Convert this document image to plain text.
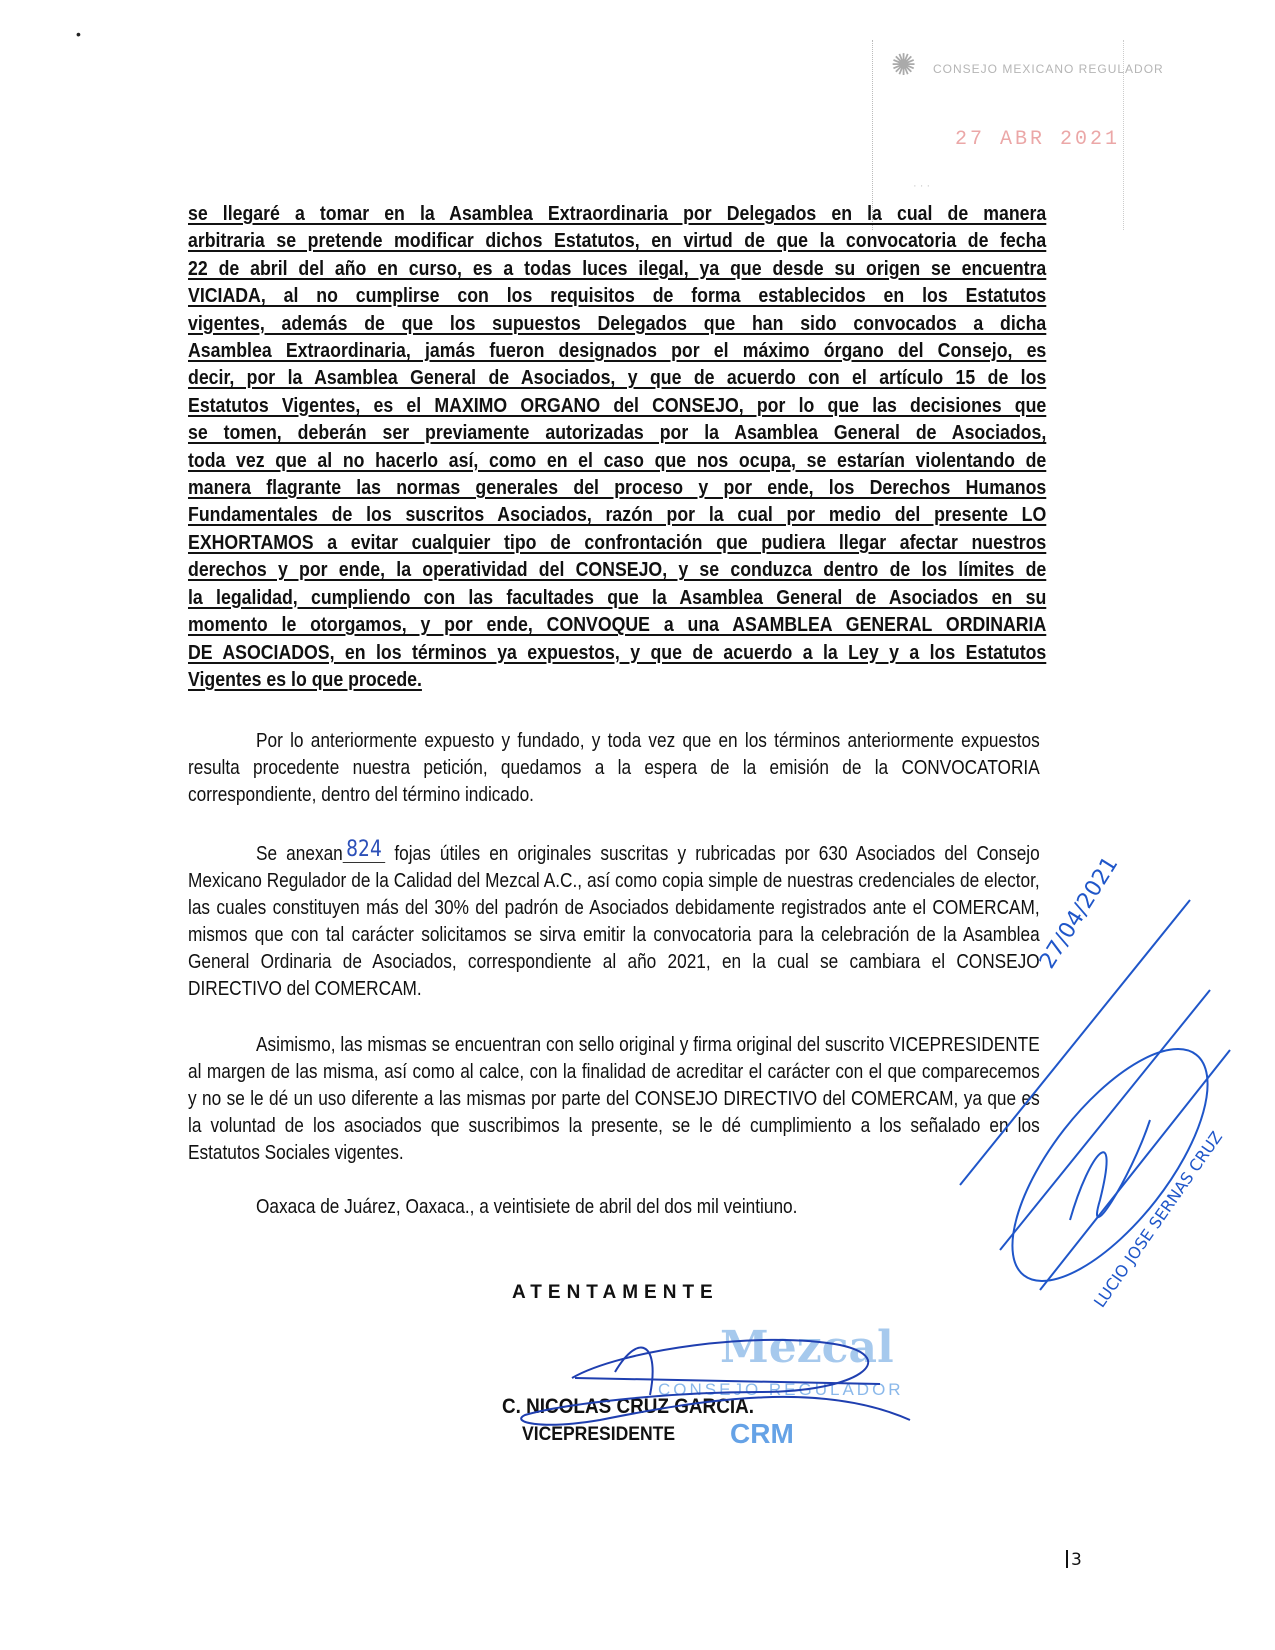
•
✺ CONSEJO MEXICANO REGULADOR
27 ABR 2021
· · ·
se llegaré a tomar en la Asamblea Extraordinaria por Delegados en la cual de manera
arbitraria se pretende modificar dichos Estatutos, en virtud de que la convocatoria de fecha
22 de abril del año en curso, es a todas luces ilegal, ya que desde su origen se encuentra
VICIADA, al no cumplirse con los requisitos de forma establecidos en los Estatutos
vigentes, además de que los supuestos Delegados que han sido convocados a dicha
Asamblea Extraordinaria, jamás fueron designados por el máximo órgano del Consejo, es
decir, por la Asamblea General de Asociados, y que de acuerdo con el artículo 15 de los
Estatutos Vigentes, es el MAXIMO ORGANO del CONSEJO, por lo que las decisiones que
se tomen, deberán ser previamente autorizadas por la Asamblea General de Asociados,
toda vez que al no hacerlo así, como en el caso que nos ocupa, se estarían violentando de
manera flagrante las normas generales del proceso y por ende, los Derechos Humanos
Fundamentales de los suscritos Asociados, razón por la cual por medio del presente LO
EXHORTAMOS a evitar cualquier tipo de confrontación que pudiera llegar afectar nuestros
derechos y por ende, la operatividad del CONSEJO, y se conduzca dentro de los límites de
la legalidad, cumpliendo con las facultades que la Asamblea General de Asociados en su
momento le otorgamos, y por ende, CONVOQUE a una ASAMBLEA GENERAL ORDINARIA
DE ASOCIADOS, en los términos ya expuestos, y que de acuerdo a la Ley y a los Estatutos
Vigentes es lo que procede.
Por lo anteriormente expuesto y fundado, y toda vez que en los términos anteriormente expuestos resulta procedente nuestra petición, quedamos a la espera de la emisión de la CONVOCATORIA correspondiente, dentro del término indicado.
Se anexan 824 fojas útiles en originales suscritas y rubricadas por 630 Asociados del Consejo Mexicano Regulador de la Calidad del Mezcal A.C., así como copia simple de nuestras credenciales de elector, las cuales constituyen más del 30% del padrón de Asociados debidamente registrados ante el COMERCAM, mismos que con tal carácter solicitamos se sirva emitir la convocatoria para la celebración de la Asamblea General Ordinaria de Asociados, correspondiente al año 2021, en la cual se cambiara el CONSEJO DIRECTIVO del COMERCAM.
Asimismo, las mismas se encuentran con sello original y firma original del suscrito VICEPRESIDENTE al margen de las misma, así como al calce, con la finalidad de acreditar el carácter con el que comparecemos y no se le dé un uso diferente a las mismas por parte del CONSEJO DIRECTIVO del COMERCAM, ya que es la voluntad de los asociados que suscribimos la presente, se le dé cumplimiento a los señalado en los Estatutos Sociales vigentes.
Oaxaca de Juárez, Oaxaca., a veintisiete de abril del dos mil veintiuno.
Mezcal
CONSEJO REGULADOR
CRM
ATENTAMENTE
C. NICOLAS CRUZ GARCIA.
VICEPRESIDENTE
27/04/2021
LUCIO JOSE SERNAS CRUZ
3
